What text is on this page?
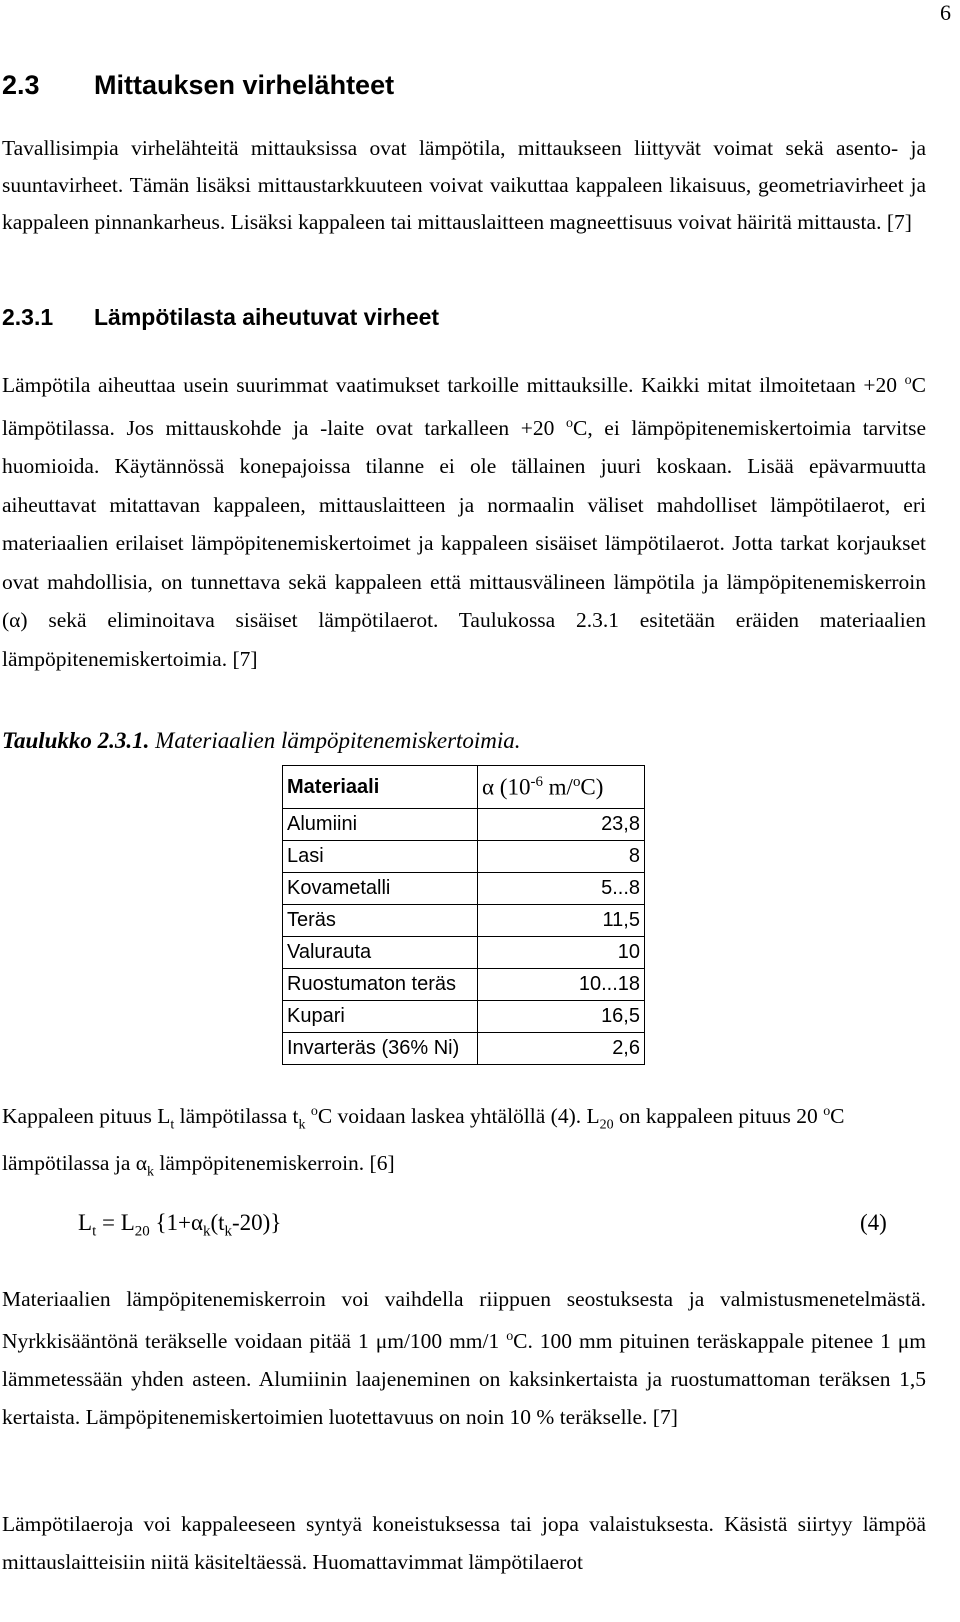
6
2.3 Mittauksen virhelähteet

Tavallisimpia virhelähteitä mittauksissa ovat lämpötila, mittaukseen liittyvät voimat sekä asento- ja suuntavirheet. Tämän lisäksi mittaustarkkuuteen voivat vaikuttaa kappaleen likaisuus, geometriavirheet ja kappaleen pinnankarheus. Lisäksi kappaleen tai mittauslaitteen magneettisuus voivat häiritä mittausta. [7]

2.3.1 Lämpötilasta aiheutuvat virheet

Lämpötila aiheuttaa usein suurimmat vaatimukset tarkoille mittauksille. Kaikki mitat ilmoitetaan +20 $^o$C lämpötilassa. Jos mittauskohde ja -laite ovat tarkalleen +20 $^o$C, ei lämpöpitenemiskertoimia tarvitse huomioida. Käytännössä konepajoissa tilanne ei ole tällainen juuri koskaan. Lisää epävarmuutta aiheuttavat mitattavan kappaleen, mittauslaitteen ja normaalin väliset mahdolliset lämpötilaerot, eri materiaalien erilaiset lämpöpitenemiskertoimet ja kappaleen sisäiset lämpötilaerot. Jotta tarkat korjaukset ovat mahdollisia, on tunnettava sekä kappaleen että mittausvälineen lämpötila ja lämpöpitenemiskerroin (α) sekä eliminoitava sisäiset lämpötilaerot. Taulukossa 2.3.1 esitetään eräiden materiaalien lämpöpitenemiskertoimia. [7]

Taulukko 2.3.1. Materiaalien lämpöpitenemiskertoimia.

Materiaali	α ($10^{-6}$ m/$^o$C)
Alumiini	23,8
Lasi	8
Kovametalli	5...8
Teräs	11,5
Valurauta	10
Ruostumaton teräs	10...18
Kupari	16,5
Invarteräs (36% Ni)	2,6

Kappaleen pituus $L_t$ lämpötilassa $t_k$ $^o$C voidaan laskea yhtälöllä (4). $L_{20}$ on kappaleen pituus 20 $^o$C lämpötilassa ja $\alpha_k$ lämpöpitenemiskerroin. [6]

$L_t = L_{20}$ $\{1+\alpha_k(t_k-20)\}$	(4)

Materiaalien lämpöpitenemiskerroin voi vaihdella riippuen seostuksesta ja valmistusmenetelmästä. Nyrkkisääntönä teräkselle voidaan pitää 1 μm/100 mm/1 $^o$C. 100 mm pituinen teräskappale pitenee 1 μm lämmetessään yhden asteen. Alumiinin laajeneminen on kaksinkertaista ja ruostumattoman teräksen 1,5 kertaista. Lämpöpitenemiskertoimien luotettavuus on noin 10 % teräkselle. [7]

Lämpötilaeroja voi kappaleeseen syntyä koneistuksessa tai jopa valaistuksesta. Käsistä siirtyy lämpöä mittauslaitteisiin niitä käsiteltäessä. Huomattavimmat lämpötilaerot
